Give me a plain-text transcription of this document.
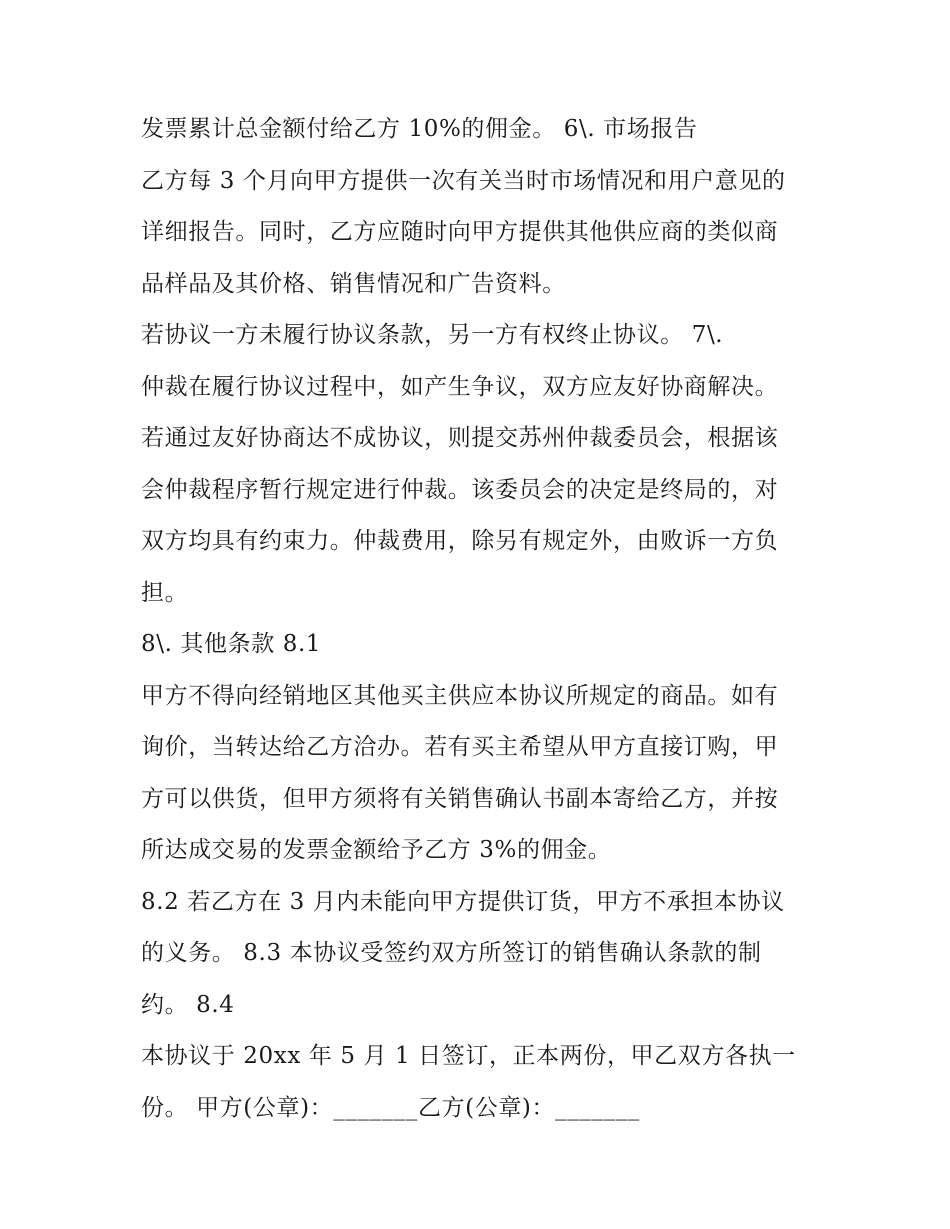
发票累计总金额付给乙方 10%的佣金。 6\. 市场报告
乙方每 3 个月向甲方提供一次有关当时市场情况和用户意见的
详细报告。同时，乙方应随时向甲方提供其他供应商的类似商
品样品及其价格、销售情况和广告资料。
若协议一方未履行协议条款，另一方有权终止协议。 7\.
仲裁在履行协议过程中，如产生争议，双方应友好协商解决。
若通过友好协商达不成协议，则提交苏州仲裁委员会，根据该
会仲裁程序暂行规定进行仲裁。该委员会的决定是终局的，对
双方均具有约束力。仲裁费用，除另有规定外，由败诉一方负
担。
8\. 其他条款 8.1
甲方不得向经销地区其他买主供应本协议所规定的商品。如有
询价，当转达给乙方洽办。若有买主希望从甲方直接订购，甲
方可以供货，但甲方须将有关销售确认书副本寄给乙方，并按
所达成交易的发票金额给予乙方 3%的佣金。
8.2 若乙方在 3 月内未能向甲方提供订货，甲方不承担本协议
的义务。 8.3 本协议受签约双方所签订的销售确认条款的制
约。 8.4
本协议于 20xx 年 5 月 1 日签订，正本两份，甲乙双方各执一
份。 甲方(公章)：_______乙方(公章)：_______
